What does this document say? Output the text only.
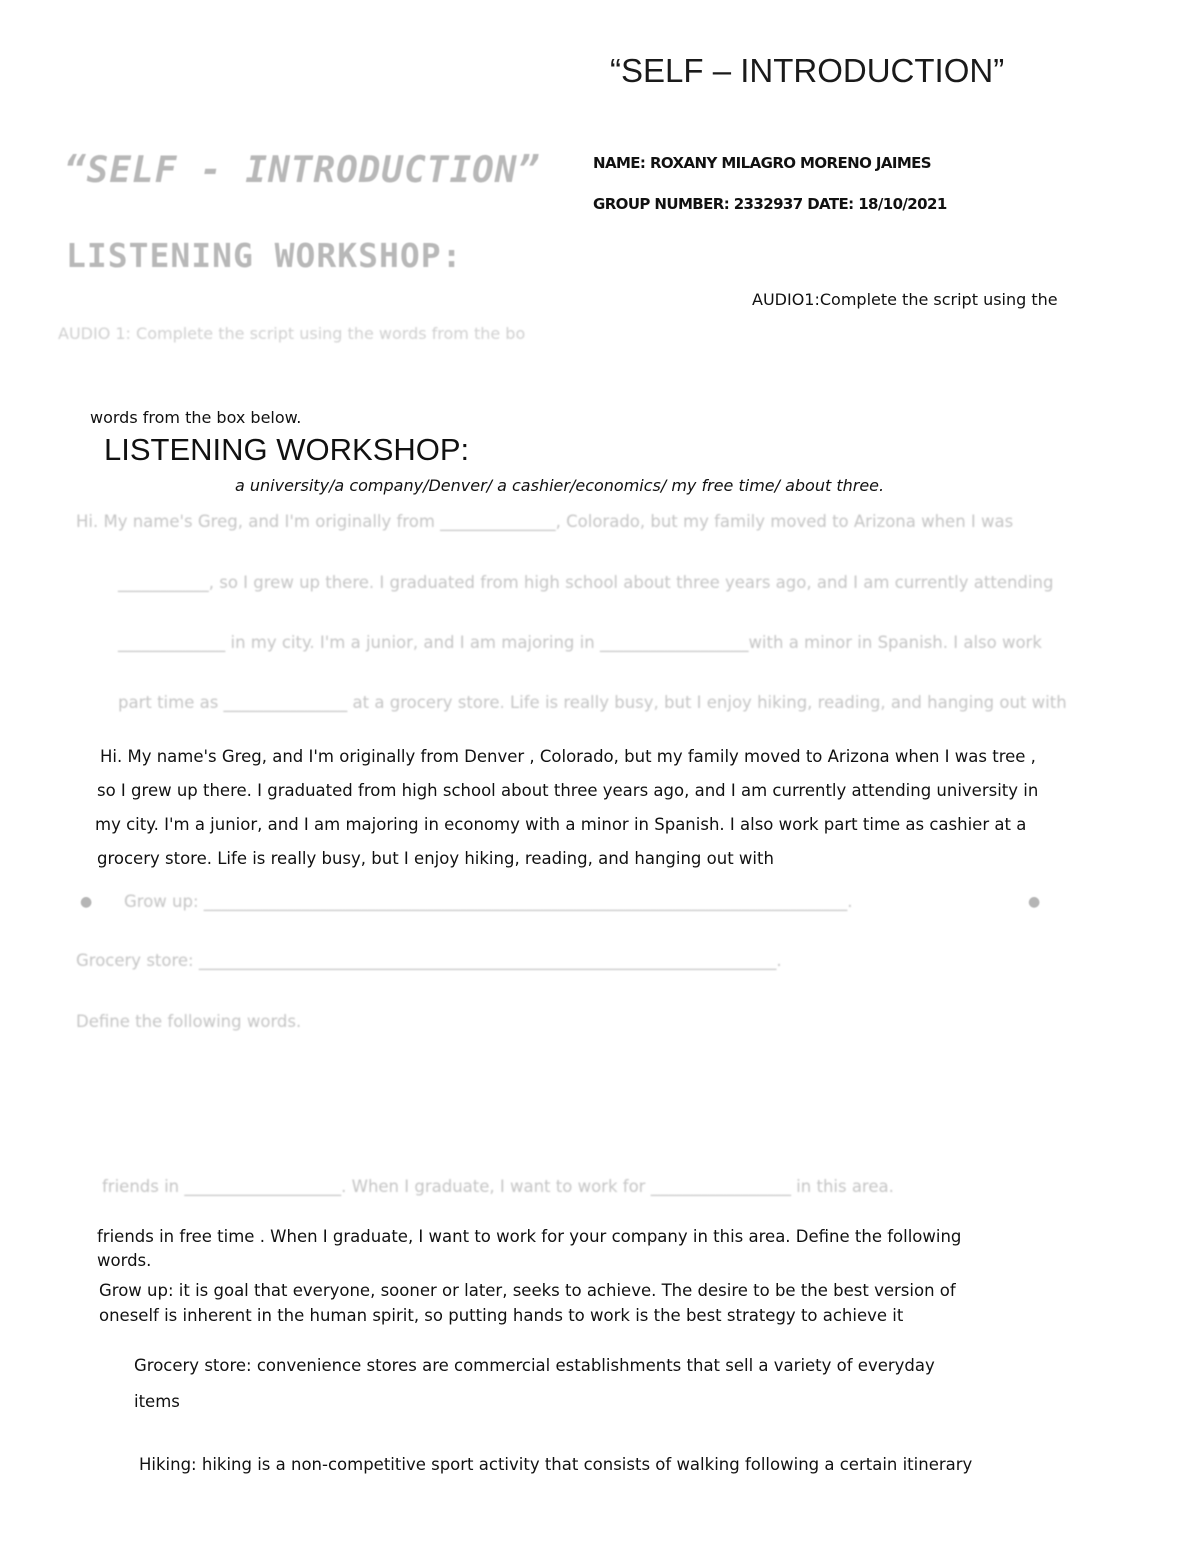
“SELF – INTRODUCTION”
“SELF - INTRODUCTION”
LISTENING WORKSHOP:
AUDIO 1: Complete the script using the words from the bo
NAME: ROXANY MILAGRO MORENO JAIMES
GROUP NUMBER: 2332937 DATE: 18/10/2021
AUDIO1:Complete the script using the
words from the box below.
LISTENING WORKSHOP:
a university/a company/Denver/ a cashier/economics/ my free time/ about three.
Hi. My name's Greg, and I'm originally from ______________, Colorado, but my family moved to Arizona when I was
___________, so I grew up there. I graduated from high school about three years ago, and I am currently attending
_____________ in my city. I'm a junior, and I am majoring in __________________with a minor in Spanish. I also work
part time as _______________ at a grocery store. Life is really busy, but I enjoy hiking, reading, and hanging out with

Hi. My name's Greg, and I'm originally from Denver , Colorado, but my family moved to Arizona when I was tree ,

so I grew up there. I graduated from high school about three years ago, and I am currently attending university in

my city. I'm a junior, and I am majoring in economy with a minor in Spanish. I also work part time as cashier at a

grocery store. Life is really busy, but I enjoy hiking, reading, and hanging out with

● Grow up: ______________________________________________________________________________.	●
Grocery store: ______________________________________________________________________.
Define the following words.
friends in ___________________. When I graduate, I want to work for _________________ in this area.
friends in free time . When I graduate, I want to work for your company in this area. Define the following
words.
Grow up: it is goal that everyone, sooner or later, seeks to achieve. The desire to be the best version of
oneself is inherent in the human spirit, so putting hands to work is the best strategy to achieve it
Grocery store: convenience stores are commercial establishments that sell a variety of everyday
items
Hiking: hiking is a non-competitive sport activity that consists of walking following a certain itinerary
